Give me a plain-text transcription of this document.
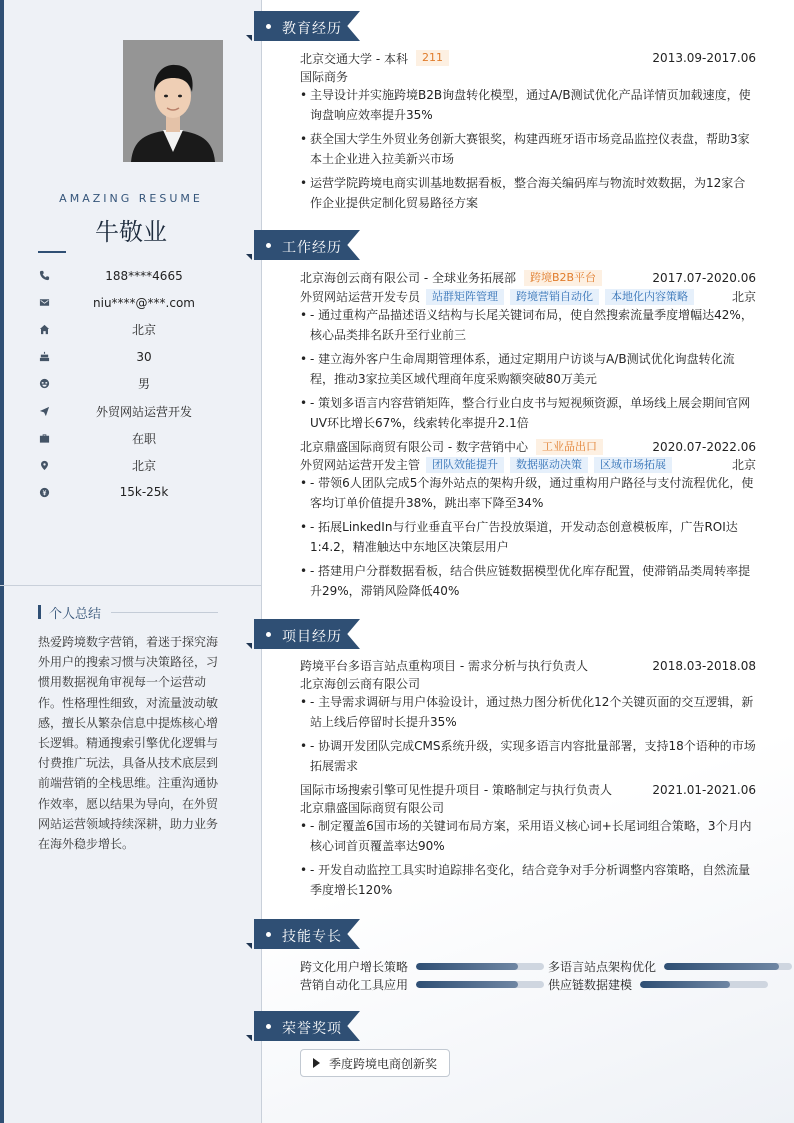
AMAZING RESUME
牛敬业
188****4665
niu****@***.com
北京
30
男
外贸网站运营开发
在职
北京
15k-25k
个人总结
热爱跨境数字营销，着迷于探究海外用户的搜索习惯与决策路径，习惯用数据视角审视每一个运营动作。性格理性细致，对流量波动敏感，擅长从繁杂信息中提炼核心增长逻辑。精通搜索引擎优化逻辑与付费推广玩法，具备从技术底层到前端营销的全栈思维。注重沟通协作效率，愿以结果为导向，在外贸网站运营领域持续深耕，助力业务在海外稳步增长。
教育经历
北京交通大学 - 本科	211	2013.09-2017.06
国际商务
• 主导设计并实施跨境B2B询盘转化模型，通过A/B测试优化产品详情页加载速度，使询盘响应效率提升35%
• 获全国大学生外贸业务创新大赛银奖，构建西班牙语市场竞品监控仪表盘，帮助3家本土企业进入拉美新兴市场
• 运营学院跨境电商实训基地数据看板，整合海关编码库与物流时效数据，为12家合作企业提供定制化贸易路径方案
工作经历
北京海创云商有限公司 - 全球业务拓展部	跨境B2B平台	2017.07-2020.06
外贸网站运营开发专员	站群矩阵管理	跨境营销自动化	本地化内容策略	北京
• - 通过重构产品描述语义结构与长尾关键词布局，使自然搜索流量季度增幅达42%，核心品类排名跃升至行业前三
• - 建立海外客户生命周期管理体系，通过定期用户访谈与A/B测试优化询盘转化流程，推动3家拉美区域代理商年度采购额突破80万美元
• - 策划多语言内容营销矩阵，整合行业白皮书与短视频资源，单场线上展会期间官网UV环比增长67%，线索转化率提升2.1倍
北京鼎盛国际商贸有限公司 - 数字营销中心	工业品出口	2020.07-2022.06
外贸网站运营开发主管	团队效能提升	数据驱动决策	区域市场拓展	北京
• - 带领6人团队完成5个海外站点的架构升级，通过重构用户路径与支付流程优化，使客均订单价值提升38%，跳出率下降至34%
• - 拓展LinkedIn与行业垂直平台广告投放渠道，开发动态创意模板库，广告ROI达1:4.2，精准触达中东地区决策层用户
• - 搭建用户分群数据看板，结合供应链数据模型优化库存配置，使滞销品类周转率提升29%，滞销风险降低40%
项目经历
跨境平台多语言站点重构项目 - 需求分析与执行负责人	2018.03-2018.08
北京海创云商有限公司
• - 主导需求调研与用户体验设计，通过热力图分析优化12个关键页面的交互逻辑，新站上线后停留时长提升35%
• - 协调开发团队完成CMS系统升级，实现多语言内容批量部署，支持18个语种的市场拓展需求
国际市场搜索引擎可见性提升项目 - 策略制定与执行负责人	2021.01-2021.06
北京鼎盛国际商贸有限公司
• - 制定覆盖6国市场的关键词布局方案，采用语义核心词+长尾词组合策略，3个月内核心词首页覆盖率达90%
• - 开发自动监控工具实时追踪排名变化，结合竞争对手分析调整内容策略，自然流量季度增长120%
技能专长
跨文化用户增长策略	多语言站点架构优化
营销自动化工具应用	供应链数据建模
荣誉奖项
季度跨境电商创新奖
